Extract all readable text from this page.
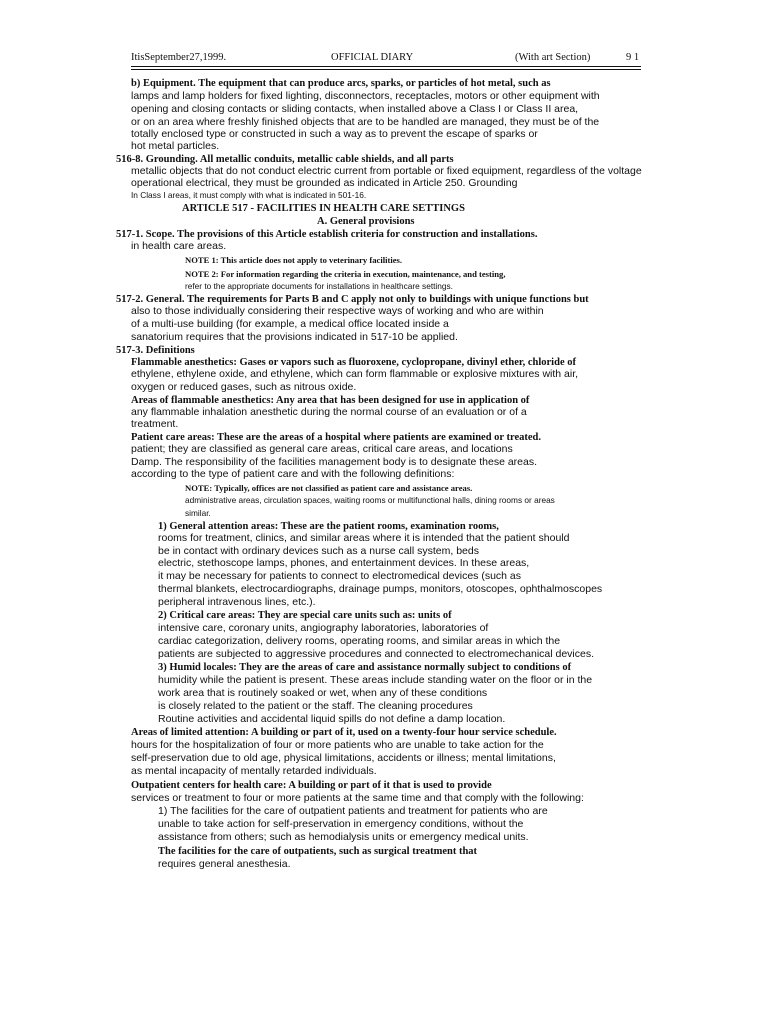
ItisSeptember27,1999.	OFFICIAL DIARY	(With art Section)	9 1
b) Equipment. The equipment that can produce arcs, sparks, or particles of hot metal, such as
lamps and lamp holders for fixed lighting, disconnectors, receptacles, motors or other equipment with
opening and closing contacts or sliding contacts, when installed above a Class I or Class II area,
or on an area where freshly finished objects that are to be handled are managed, they must be of the
totally enclosed type or constructed in such a way as to prevent the escape of sparks or
hot metal particles.
516-8. Grounding. All metallic conduits, metallic cable shields, and all parts
metallic objects that do not conduct electric current from portable or fixed equipment, regardless of the voltage
operational electrical, they must be grounded as indicated in Article 250. Grounding
In Class I areas, it must comply with what is indicated in 501-16.
ARTICLE 517 - FACILITIES IN HEALTH CARE SETTINGS
A. General provisions
517-1. Scope. The provisions of this Article establish criteria for construction and installations.
in health care areas.
NOTE 1: This article does not apply to veterinary facilities.
NOTE 2: For information regarding the criteria in execution, maintenance, and testing,
refer to the appropriate documents for installations in healthcare settings.
517-2. General. The requirements for Parts B and C apply not only to buildings with unique functions but
also to those individually considering their respective ways of working and who are within
of a multi-use building (for example, a medical office located inside a
sanatorium requires that the provisions indicated in 517-10 be applied.
517-3. Definitions
Flammable anesthetics: Gases or vapors such as fluoroxene, cyclopropane, divinyl ether, chloride of
ethylene, ethylene oxide, and ethylene, which can form flammable or explosive mixtures with air,
oxygen or reduced gases, such as nitrous oxide.
Areas of flammable anesthetics: Any area that has been designed for use in application of
any flammable inhalation anesthetic during the normal course of an evaluation or of a
treatment.
Patient care areas: These are the areas of a hospital where patients are examined or treated.
patient; they are classified as general care areas, critical care areas, and locations
Damp. The responsibility of the facilities management body is to designate these areas.
according to the type of patient care and with the following definitions:
NOTE: Typically, offices are not classified as patient care and assistance areas.
administrative areas, circulation spaces, waiting rooms or multifunctional halls, dining rooms or areas
similar.
1) General attention areas: These are the patient rooms, examination rooms,
rooms for treatment, clinics, and similar areas where it is intended that the patient should
be in contact with ordinary devices such as a nurse call system, beds
electric, stethoscope lamps, phones, and entertainment devices. In these areas,
it may be necessary for patients to connect to electromedical devices (such as
thermal blankets, electrocardiographs, drainage pumps, monitors, otoscopes, ophthalmoscopes
peripheral intravenous lines, etc.).
2) Critical care areas: They are special care units such as: units of
intensive care, coronary units, angiography laboratories, laboratories of
cardiac categorization, delivery rooms, operating rooms, and similar areas in which the
patients are subjected to aggressive procedures and connected to electromechanical devices.
3) Humid locales: They are the areas of care and assistance normally subject to conditions of
humidity while the patient is present. These areas include standing water on the floor or in the
work area that is routinely soaked or wet, when any of these conditions
is closely related to the patient or the staff. The cleaning procedures
Routine activities and accidental liquid spills do not define a damp location.
Areas of limited attention: A building or part of it, used on a twenty-four hour service schedule.
hours for the hospitalization of four or more patients who are unable to take action for the
self-preservation due to old age, physical limitations, accidents or illness; mental limitations,
as mental incapacity of mentally retarded individuals.
Outpatient centers for health care: A building or part of it that is used to provide
services or treatment to four or more patients at the same time and that comply with the following:
1) The facilities for the care of outpatient patients and treatment for patients who are
unable to take action for self-preservation in emergency conditions, without the
assistance from others; such as hemodialysis units or emergency medical units.
The facilities for the care of outpatients, such as surgical treatment that
requires general anesthesia.
